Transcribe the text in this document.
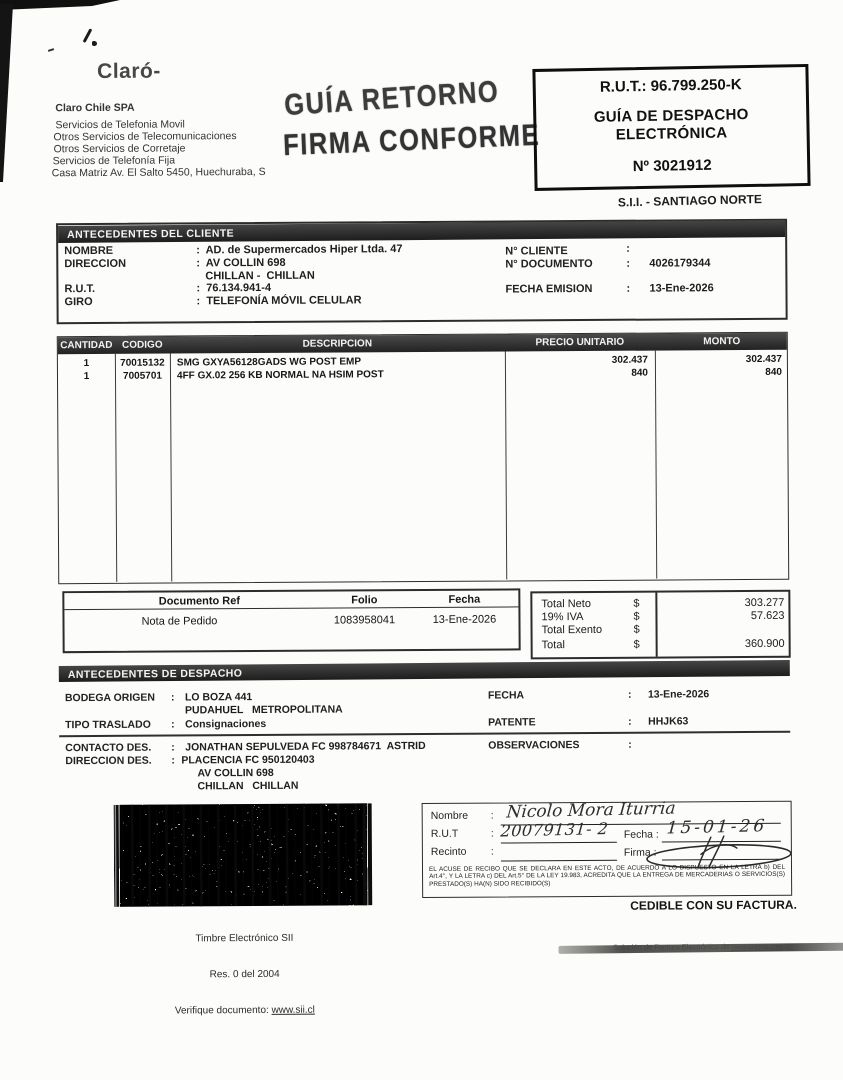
Claró-
Claro Chile SPA
Servicios de Telefonia Movil
Otros Servicios de Telecomunicaciones
Otros Servicios de Corretaje
Servicios de Telefonía Fija
Casa Matriz Av. El Salto 5450, Huechuraba, S
GUÍA RETORNO
FIRMA CONFORME
R.U.T.: 96.799.250-K
GUÍA DE DESPACHO
ELECTRÓNICA
Nº 3021912
S.I.I. - SANTIAGO NORTE
ANTECEDENTES DEL CLIENTE
NOMBRE	:  AD. de Supermercados Hiper Ltda. 47
DIRECCION	:  AV COLLIN 698
CHILLAN -  CHILLAN
R.U.T.	:  76.134.941-4
GIRO	:  TELEFONÍA MÓVIL CELULAR
N° CLIENTE	:
N° DOCUMENTO	: 4026179344
FECHA EMISION	: 13-Ene-2026
CANTIDAD CODIGO	DESCRIPCION	PRECIO UNITARIO	MONTO
1	70015132	SMG GXYA56128GADS WG POST EMP	302.437	302.437
1	7005701	4FF GX.02 256 KB NORMAL NA HSIM POST	840	840
Documento Ref	Folio	Fecha
Nota de Pedido	1083958041	13-Ene-2026
Total Neto	$	303.277
19% IVA	$	57.623
Total Exento	$
Total	$	360.900
ANTECEDENTES DE DESPACHO
BODEGA ORIGEN : LO BOZA 441
PUDAHUEL   METROPOLITANA
TIPO TRASLADO : Consignaciones
FECHA	: 13-Ene-2026
PATENTE	: HHJK63
CONTACTO DES. : JONATHAN SEPULVEDA FC 998784671  ASTRID
DIRECCION DES. : PLACENCIA FC 950120403
AV COLLIN 698
CHILLAN   CHILLAN
OBSERVACIONES	:

Timbre Electrónico SII

Res. 0 del 2004

Verifique documento: www.sii.cl

Nombre : Nicolo Mora Iturria
R.U.T	: 20079131- 2 Fecha : 15-01-26
Recinto :	Firma :
EL ACUSE DE RECIBO QUE SE DECLARA EN ESTE ACTO, DE ACUERDO A LO DISPUESTO EN LA LETRA b) DEL Art.4°, Y LA LETRA c) DEL Art.5° DE LA LEY 19.983, ACREDITA QUE LA ENTREGA DE MERCADERIAS O SERVICIOS(S) PRESTADO(S) HA(N) SIDO RECIBIDO(S)
CEDIBLE CON SU FACTURA.
